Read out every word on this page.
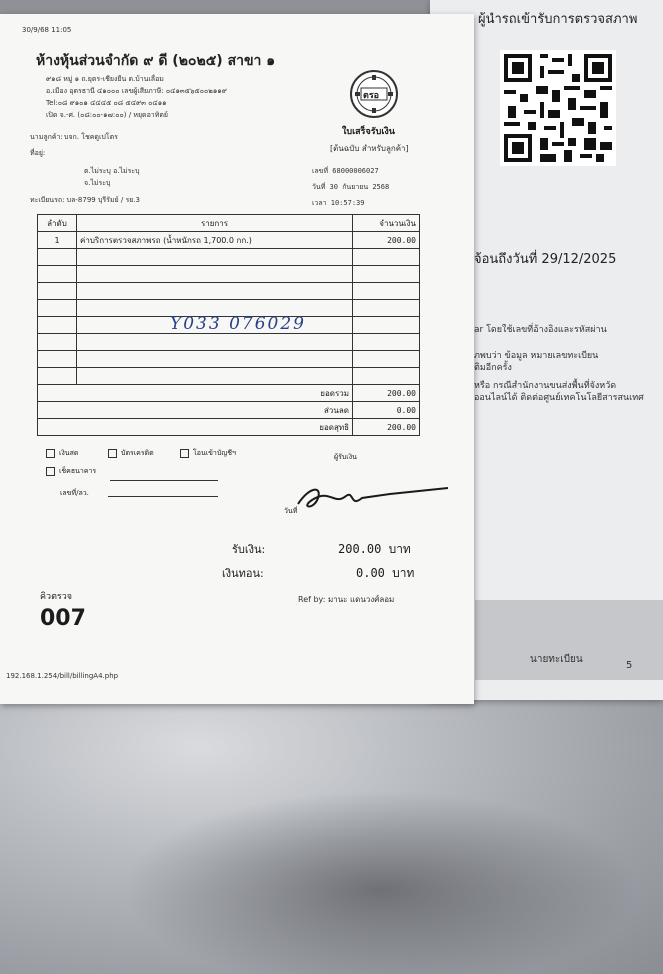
ผู้นำรถเข้ารับการตรวจสภาพ
จ้อนถึงวันที่ 29/12/2025
ar โดยใช้เลขที่อ้างอิงและรหัสผ่าน
ภพบว่า ข้อมูล หมายเลขทะเบียน
ติมอีกครั้ง
หรือ กรณีสำนักงานขนส่งพื้นที่จังหวัด
ออนไลน์ได้ ติดต่อศูนย์เทคโนโลยีสารสนเทศ
นายทะเบียน
5
30/9/68 11:05
ห้างหุ้นส่วนจำกัด ๙ ดี (๒๐๒๕) สาขา ๑
๙๑๘ หมู่ ๑ ถ.ยุตร-เชียงยืน ต.บ้านเลื่อม
อ.เมือง อุดรธานี ๔๑๐๐๐ เลขผู้เสียภาษี: ๐๔๑๓๕๖๕๐๐๒๑๑๙
Tel:๐๘ ๙๑๐๑ ๔๔๔๕ ๐๘ ๕๔๙๓ ๐๔๑๑
เปิด จ.-ศ. (๐๘:๐๐-๑๗:๐๐) / หยุดอาทิตย์
ตรอ
ใบเสร็จรับเงิน
[ต้นฉบับ สำหรับลูกค้า]
นามลูกค้า: บจก. โชคดูเปโตร
ที่อยู่:
ต.ไม่ระบุ อ.ไม่ระบุ
จ.ไม่ระบุ
ทะเบียนรถ: บล-8799 บุรีรัมย์ / รย.3
เลขที่ 68000006027
วันที่ 30 กันยายน 2568
เวลา 10:57:39
ลำดับ	รายการ	จำนวนเงิน
1	ค่าบริการตรวจสภาพรถ (น้ำหนักรถ 1,700.0 กก.)	200.00

Y033 076029
ยอดรวม	200.00
ส่วนลด	0.00
ยอดสุทธิ	200.00
เงินสด	บัตรเครดิต	โอนเข้าบัญชีฯ
เช็คธนาคาร
เลขที่/ลว.
ผู้รับเงิน
วันที่
รับเงิน:	200.00 บาท
เงินทอน:	0.00 บาท
คิวตรวจ
007
Ref by: มานะ แดนวงศ์ลอม
192.168.1.254/bill/billingA4.php
